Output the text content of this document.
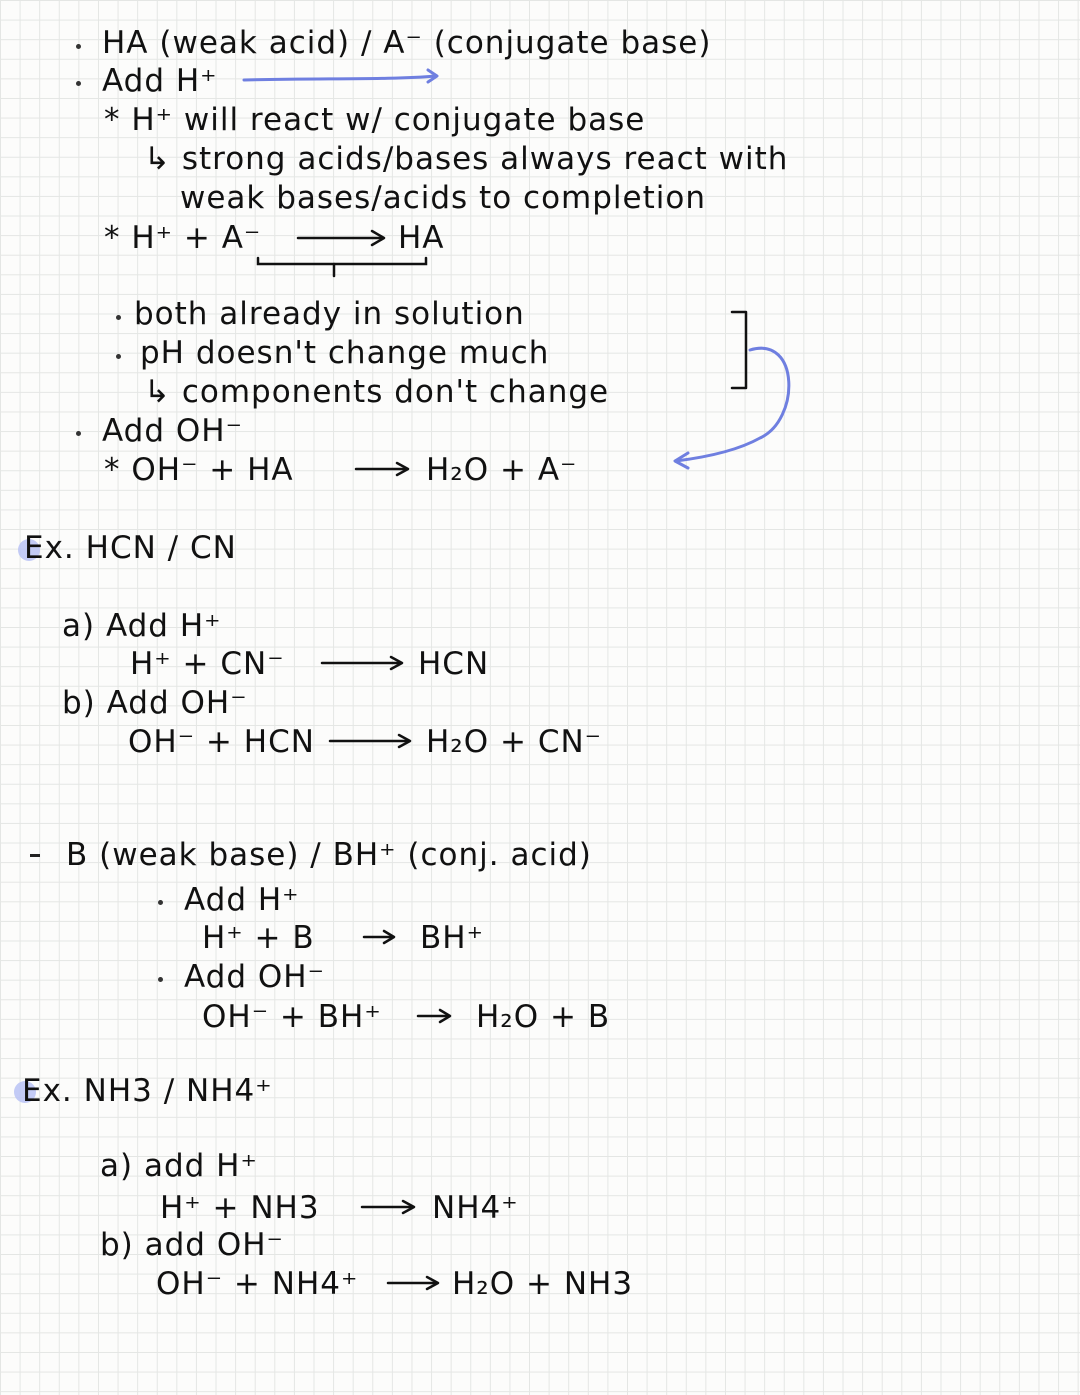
HA (weak acid) / A⁻ (conjugate base)
Add H⁺
* H⁺ will react w/ conjugate base
↳ strong acids/bases always react with
weak bases/acids to completion
* H⁺ + A⁻	HA
both already in solution
pH doesn't change much
↳ components don't change
Add OH⁻
* OH⁻ + HA	H₂O + A⁻
Ex. HCN / CN
a) Add H⁺
H⁺ + CN⁻	HCN
b) Add OH⁻
OH⁻ + HCN	H₂O + CN⁻
B (weak base) / BH⁺ (conj. acid)
Add H⁺
H⁺ + B	BH⁺
Add OH⁻
OH⁻ + BH⁺	H₂O + B
Ex. NH3 / NH4⁺
a) add H⁺
H⁺ + NH3	NH4⁺
b) add OH⁻
OH⁻ + NH4⁺	H₂O + NH3
